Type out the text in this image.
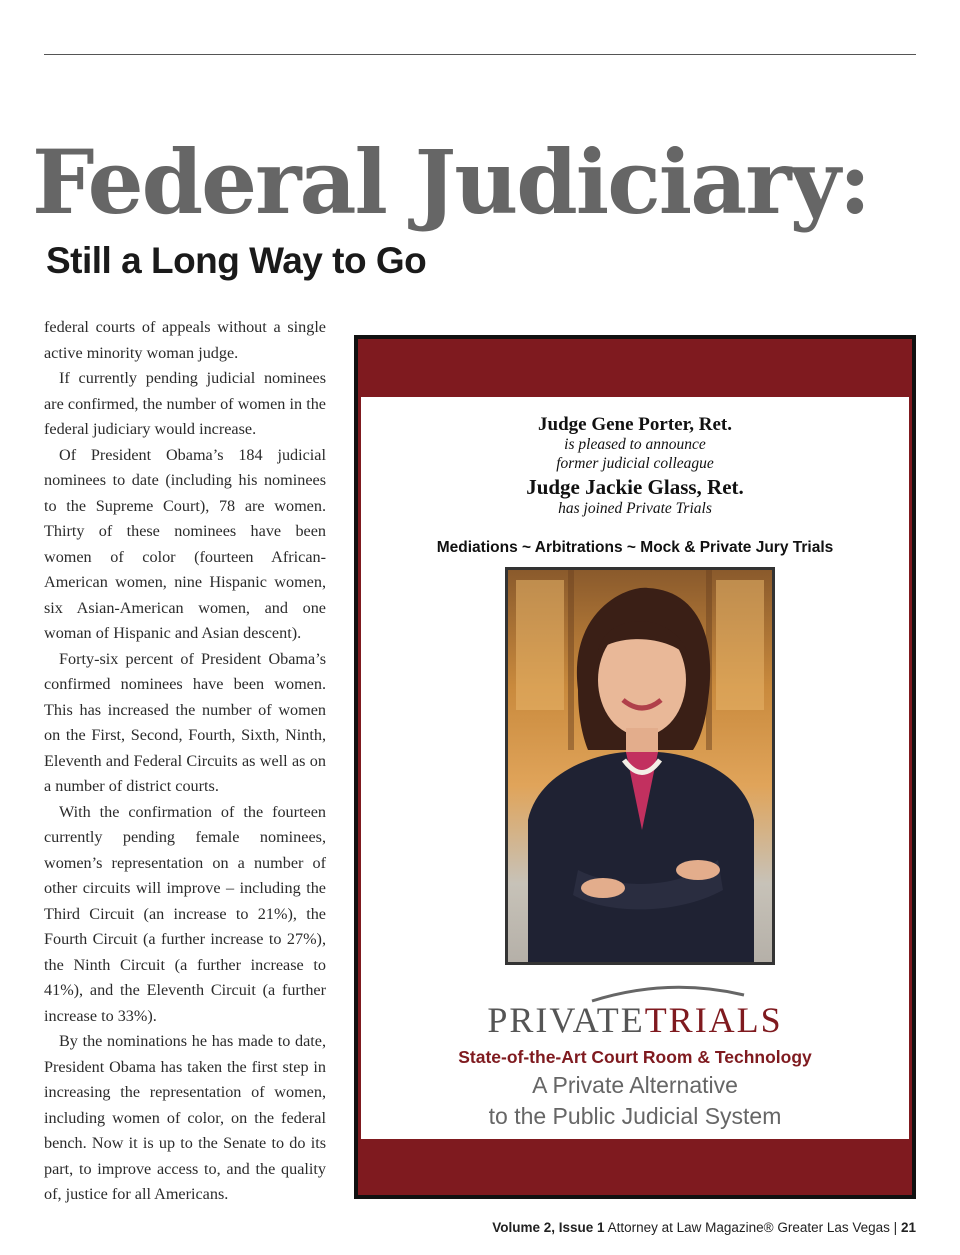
Federal Judiciary:
Still a Long Way to Go

federal courts of appeals without a single active minority woman judge.

If currently pending judicial nominees are confirmed, the number of women in the federal judiciary would increase.

Of President Obama’s 184 judicial nominees to date (including his nominees to the Supreme Court), 78 are women. Thirty of these nominees have been women of color (fourteen African- American women, nine Hispanic women, six Asian-American women, and one woman of Hispanic and Asian descent).

Forty-six percent of President Obama’s confirmed nominees have been women. This has increased the number of women on the First, Second, Fourth, Sixth, Ninth, Eleventh and Federal Circuits as well as on a number of district courts.

With the confirmation of the fourteen currently pending female nominees, women’s representation on a number of other circuits will improve – including the Third Circuit (an increase to 21%), the Fourth Circuit (a further increase to 27%), the Ninth Circuit (a further increase to 41%), and the Eleventh Circuit (a further increase to 33%).

By the nominations he has made to date, President Obama has taken the first step in increasing the representation of women, including women of color, on the federal bench. Now it is up to the Senate to do its part, to improve access to, and the quality of, justice for all Americans.

Judge Gene Porter, Ret.
is pleased to announce
former judicial colleague
Judge Jackie Glass, Ret.
has joined Private Trials
Mediations ~ Arbitrations ~ Mock & Private Jury Trials
PRIVATETRIALS
State-of-the-Art Court Room & Technology
A Private Alternative
to the Public Judicial System
Volume 2, Issue 1 Attorney at Law Magazine® Greater Las Vegas | 21
